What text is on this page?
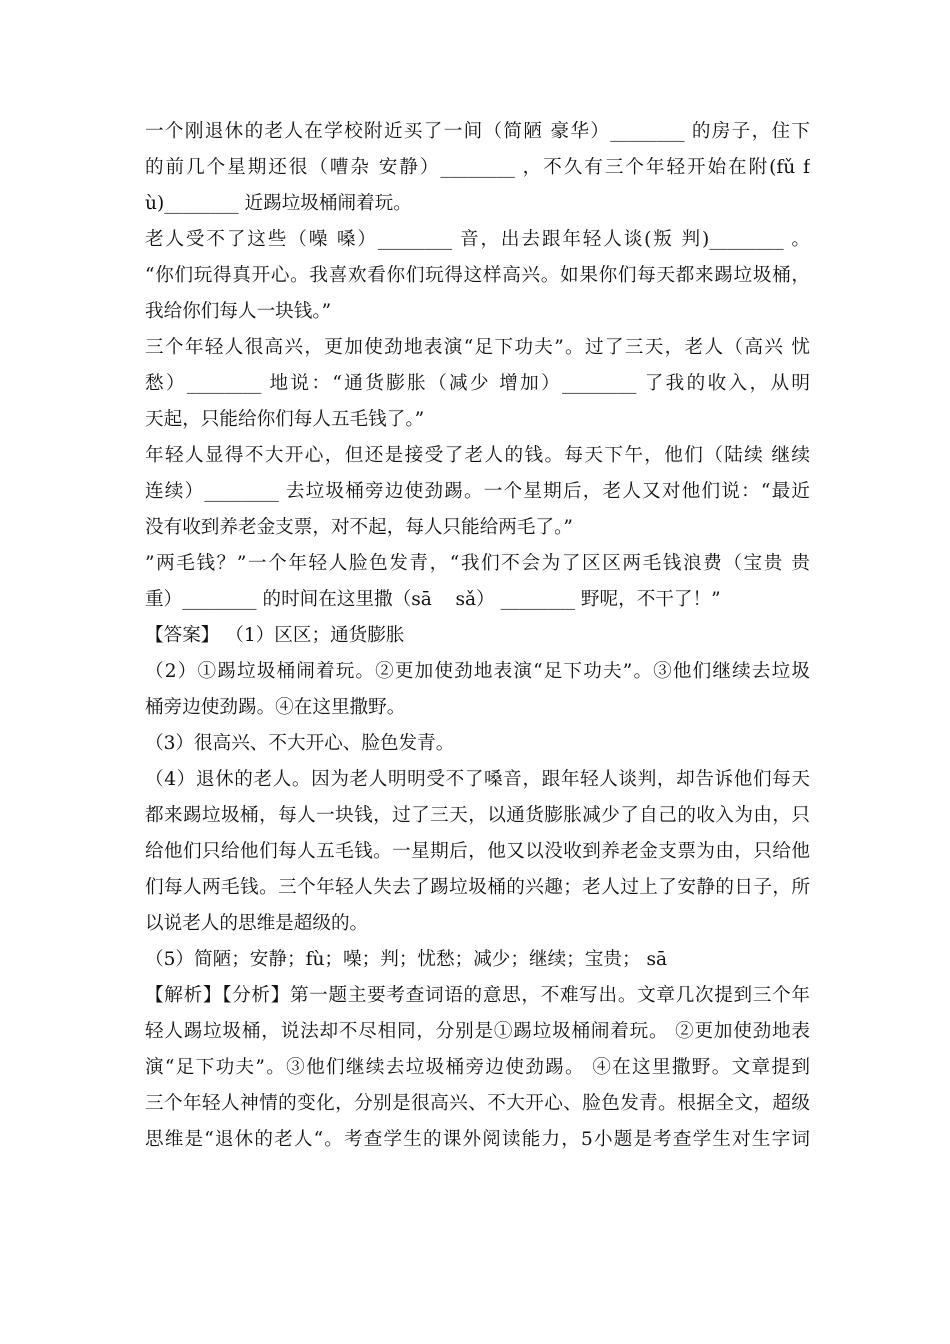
一个刚退休的老人在学校附近买了一间（简陋 豪华）________ 的房子，住下
的前几个星期还很（嘈杂 安静）________ ，不久有三个年轻开始在附(fǔ f
ù)________ 近踢垃圾桶闹着玩。
老人受不了这些（噪 嗓）________ 音，出去跟年轻人谈(叛 判)________ 。
“你们玩得真开心。我喜欢看你们玩得这样高兴。如果你们每天都来踢垃圾桶，
我给你们每人一块钱。”
三个年轻人很高兴，更加使劲地表演“足下功夫”。过了三天，老人（高兴 忧
愁）________ 地说：“通货膨胀（减少 增加）________ 了我的收入，从明
天起，只能给你们每人五毛钱了。”
年轻人显得不大开心，但还是接受了老人的钱。每天下午，他们（陆续 继续
连续）________ 去垃圾桶旁边使劲踢。一个星期后，老人又对他们说：“最近
没有收到养老金支票，对不起，每人只能给两毛了。”
”两毛钱？”一个年轻人脸色发青，“我们不会为了区区两毛钱浪费（宝贵 贵
重）________ 的时间在这里撒（sā    sǎ） ________ 野呢，不干了！”
【答案】 （1）区区；通货膨胀
（2）①踢垃圾桶闹着玩。②更加使劲地表演“足下功夫”。③他们继续去垃圾
桶旁边使劲踢。④在这里撒野。
（3）很高兴、不大开心、脸色发青。
（4）退休的老人。因为老人明明受不了嗓音，跟年轻人谈判，却告诉他们每天
都来踢垃圾桶，每人一块钱，过了三天，以通货膨胀减少了自己的收入为由，只
给他们只给他们每人五毛钱。一星期后，他又以没收到养老金支票为由，只给他
们每人两毛钱。三个年轻人失去了踢垃圾桶的兴趣；老人过上了安静的日子，所
以说老人的思维是超级的。
（5）简陋；安静；fù；噪；判；忧愁；减少；继续；宝贵； sā
【解析】【分析】第一题主要考查词语的意思，不难写出。文章几次提到三个年
轻人踢垃圾桶，说法却不尽相同，分别是①踢垃圾桶闹着玩。 ②更加使劲地表
演“足下功夫”。③他们继续去垃圾桶旁边使劲踢。 ④在这里撒野。文章提到
三个年轻人神情的变化，分别是很高兴、不大开心、脸色发青。根据全文，超级
思维是“退休的老人“。考查学生的课外阅读能力，5小题是考查学生对生字词
